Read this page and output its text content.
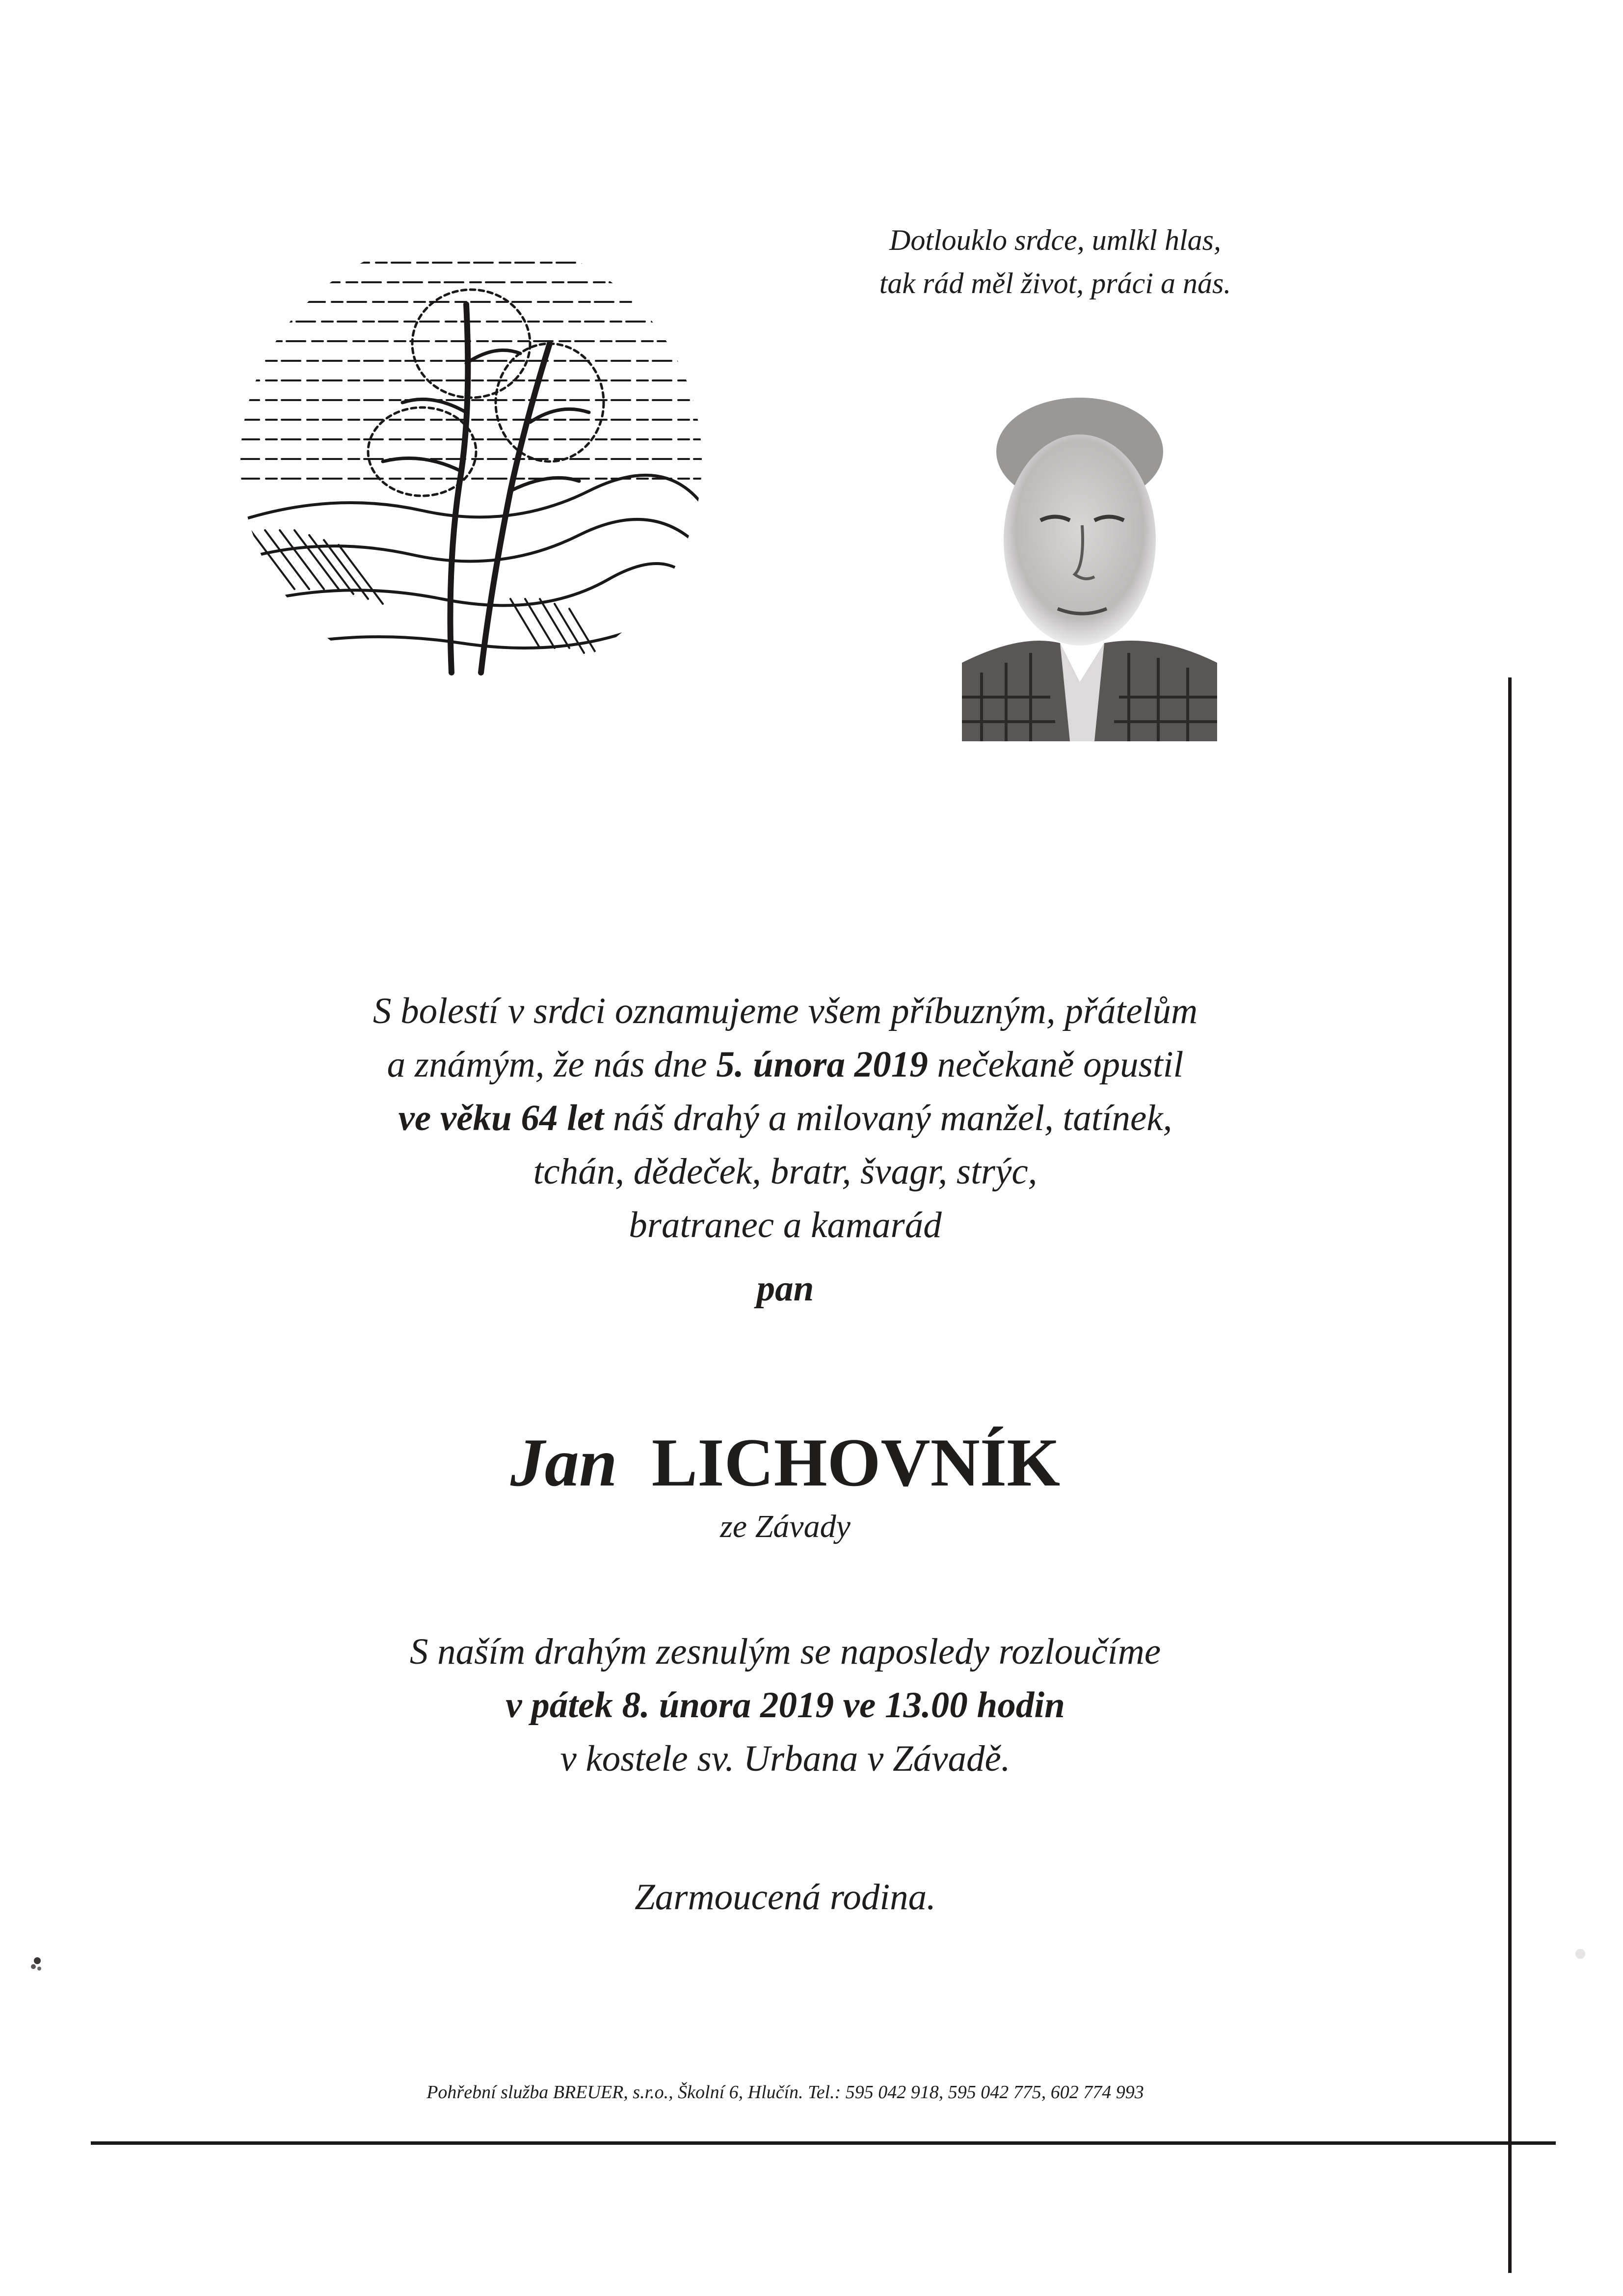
Dotlouklo srdce, umlkl hlas,
tak rád měl život, práci a nás.
S bolestí v srdci oznamujeme všem příbuzným, přátelům
a známým, že nás dne 5. února 2019 nečekaně opustil
ve věku 64 let náš drahý a milovaný manžel, tatínek,
tchán, dědeček, bratr, švagr, strýc,
bratranec a kamarád
pan
Jan LICHOVNÍK
ze Závady
S naším drahým zesnulým se naposledy rozloučíme
v pátek 8. února 2019 ve 13.00 hodin
v kostele sv. Urbana v Závadě.
Zarmoucená rodina.
Pohřební služba BREUER, s.r.o., Školní 6, Hlučín. Tel.: 595 042 918, 595 042 775, 602 774 993
